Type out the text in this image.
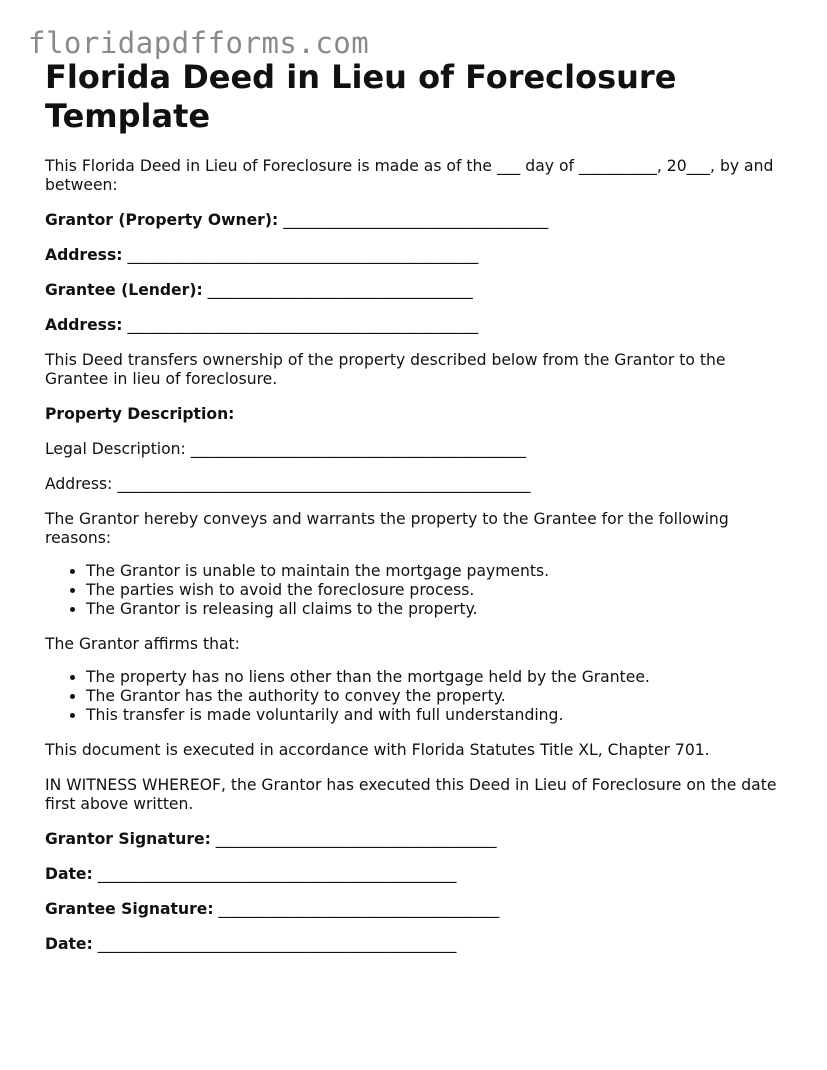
floridapdfforms.com
Florida Deed in Lieu of Foreclosure Template

This Florida Deed in Lieu of Foreclosure is made as of the ___ day of __________, 20___, by and between:

Grantor (Property Owner): __________________________________

Address: _____________________________________________

Grantee (Lender): __________________________________

Address: _____________________________________________

This Deed transfers ownership of the property described below from the Grantor to the Grantee in lieu of foreclosure.

Property Description:

Legal Description: ___________________________________________

Address: _____________________________________________________

The Grantor hereby conveys and warrants the property to the Grantee for the following reasons:

• The Grantor is unable to maintain the mortgage payments.
• The parties wish to avoid the foreclosure process.
• The Grantor is releasing all claims to the property.

The Grantor affirms that:

• The property has no liens other than the mortgage held by the Grantee.
• The Grantor has the authority to convey the property.
• This transfer is made voluntarily and with full understanding.

This document is executed in accordance with Florida Statutes Title XL, Chapter 701.

IN WITNESS WHEREOF, the Grantor has executed this Deed in Lieu of Foreclosure on the date first above written.

Grantor Signature: ____________________________________

Date: ______________________________________________

Grantee Signature: ____________________________________

Date: ______________________________________________
